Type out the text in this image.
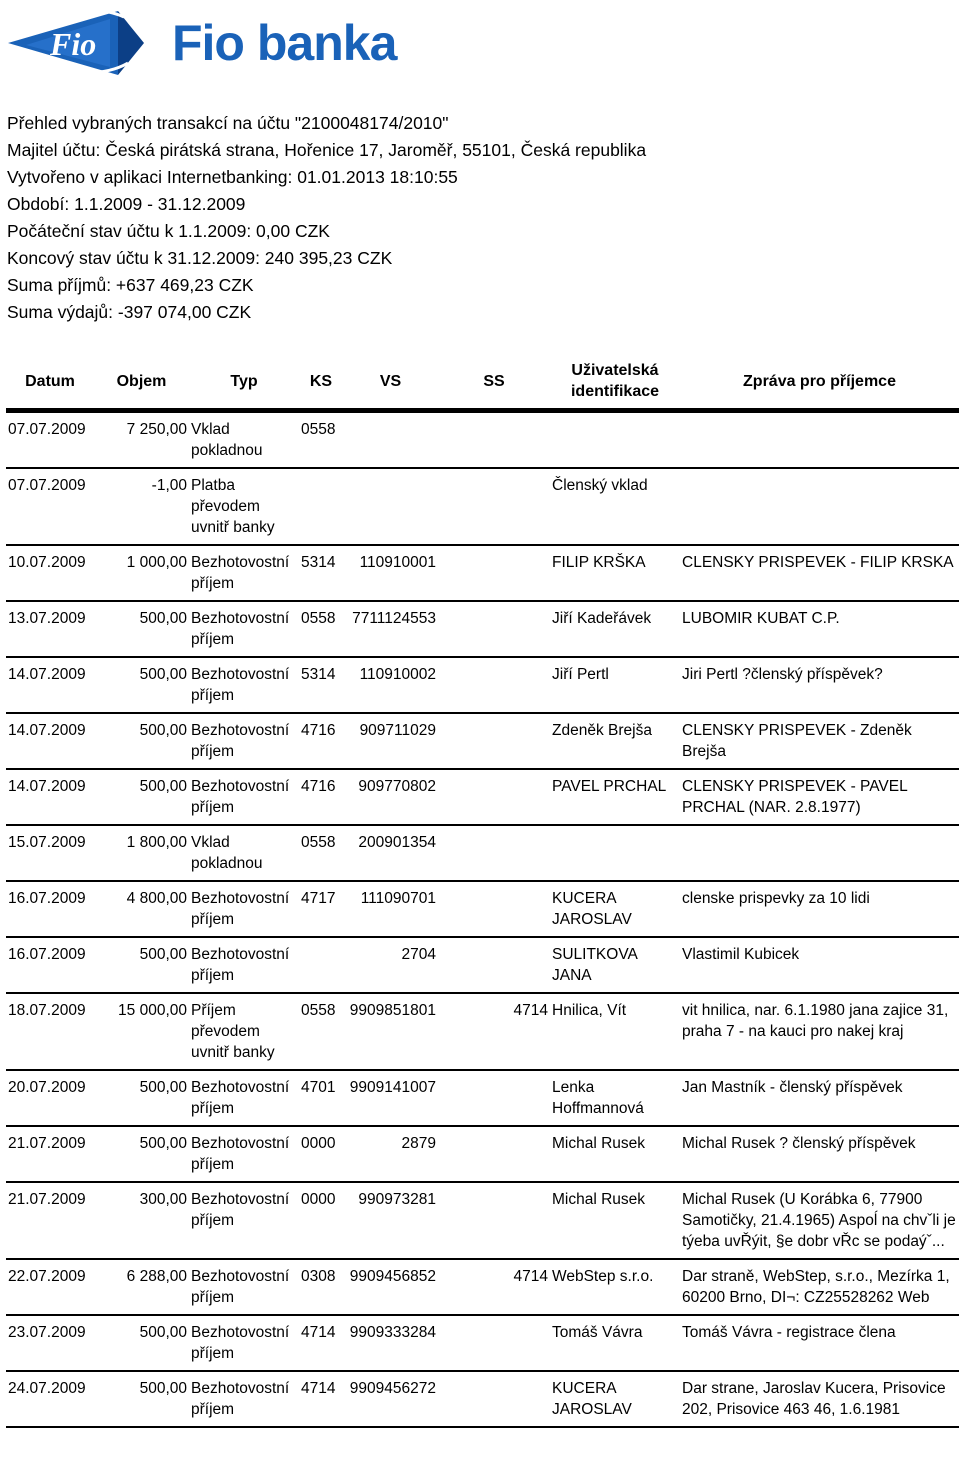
Fio Fio banka
Přehled vybraných transakcí na účtu "2100048174/2010"
Majitel účtu: Česká pirátská strana, Hořenice 17, Jaroměř, 55101, Česká republika
Vytvořeno v aplikaci Internetbanking: 01.01.2013 18:10:55
Období: 1.1.2009 - 31.12.2009
Počáteční stav účtu k 1.1.2009: 0,00 CZK
Koncový stav účtu k 31.12.2009: 240 395,23 CZK
Suma příjmů: +637 469,23 CZK
Suma výdajů: -397 074,00 CZK
Datum	Objem	Typ	KS	VS	SS	Uživatelská identifikace	Zpráva pro příjemce
07.07.2009	7 250,00	Vklad pokladnou	0558				
07.07.2009	-1,00	Platba převodem uvnitř banky				Členský vklad	
10.07.2009	1 000,00	Bezhotovostní příjem	5314	110910001		FILIP KRŠKA	CLENSKY PRISPEVEK - FILIP KRSKA
13.07.2009	500,00	Bezhotovostní příjem	0558	7711124553		Jiří Kadeřávek	LUBOMIR KUBAT C.P.
14.07.2009	500,00	Bezhotovostní příjem	5314	110910002		Jiří Pertl	Jiri Pertl ?členský příspěvek?
14.07.2009	500,00	Bezhotovostní příjem	4716	909711029		Zdeněk Brejša	CLENSKY PRISPEVEK - Zdeněk Brejša
14.07.2009	500,00	Bezhotovostní příjem	4716	909770802		PAVEL PRCHAL	CLENSKY PRISPEVEK - PAVEL PRCHAL (NAR. 2.8.1977)
15.07.2009	1 800,00	Vklad pokladnou	0558	200901354			
16.07.2009	4 800,00	Bezhotovostní příjem	4717	111090701		KUCERA JAROSLAV	clenske prispevky za 10 lidi
16.07.2009	500,00	Bezhotovostní příjem		2704		SULITKOVA JANA	Vlastimil Kubicek
18.07.2009	15 000,00	Příjem převodem uvnitř banky	0558	9909851801	4714	Hnilica, Vít	vit hnilica, nar. 6.1.1980 jana zajice 31, praha 7 - na kauci pro nakej kraj
20.07.2009	500,00	Bezhotovostní příjem	4701	9909141007		Lenka Hoffmannová	Jan Mastník - členský příspěvek
21.07.2009	500,00	Bezhotovostní příjem	0000	2879		Michal Rusek	Michal Rusek ? členský příspěvek
21.07.2009	300,00	Bezhotovostní příjem	0000	990973281		Michal Rusek	Michal Rusek (U Korábka 6, 77900 Samotičky, 21.4.1965) Aspoĺ na chvˇli je týeba uvŘýit, §e dobr vŘc se podaýˇ...
22.07.2009	6 288,00	Bezhotovostní příjem	0308	9909456852	4714	WebStep s.r.o.	Dar straně, WebStep, s.r.o., Mezírka 1, 60200 Brno, DI¬: CZ25528262 Web
23.07.2009	500,00	Bezhotovostní příjem	4714	9909333284		Tomáš Vávra	Tomáš Vávra - registrace člena
24.07.2009	500,00	Bezhotovostní příjem	4714	9909456272		KUCERA JAROSLAV	Dar strane, Jaroslav Kucera, Prisovice 202, Prisovice 463 46, 1.6.1981
